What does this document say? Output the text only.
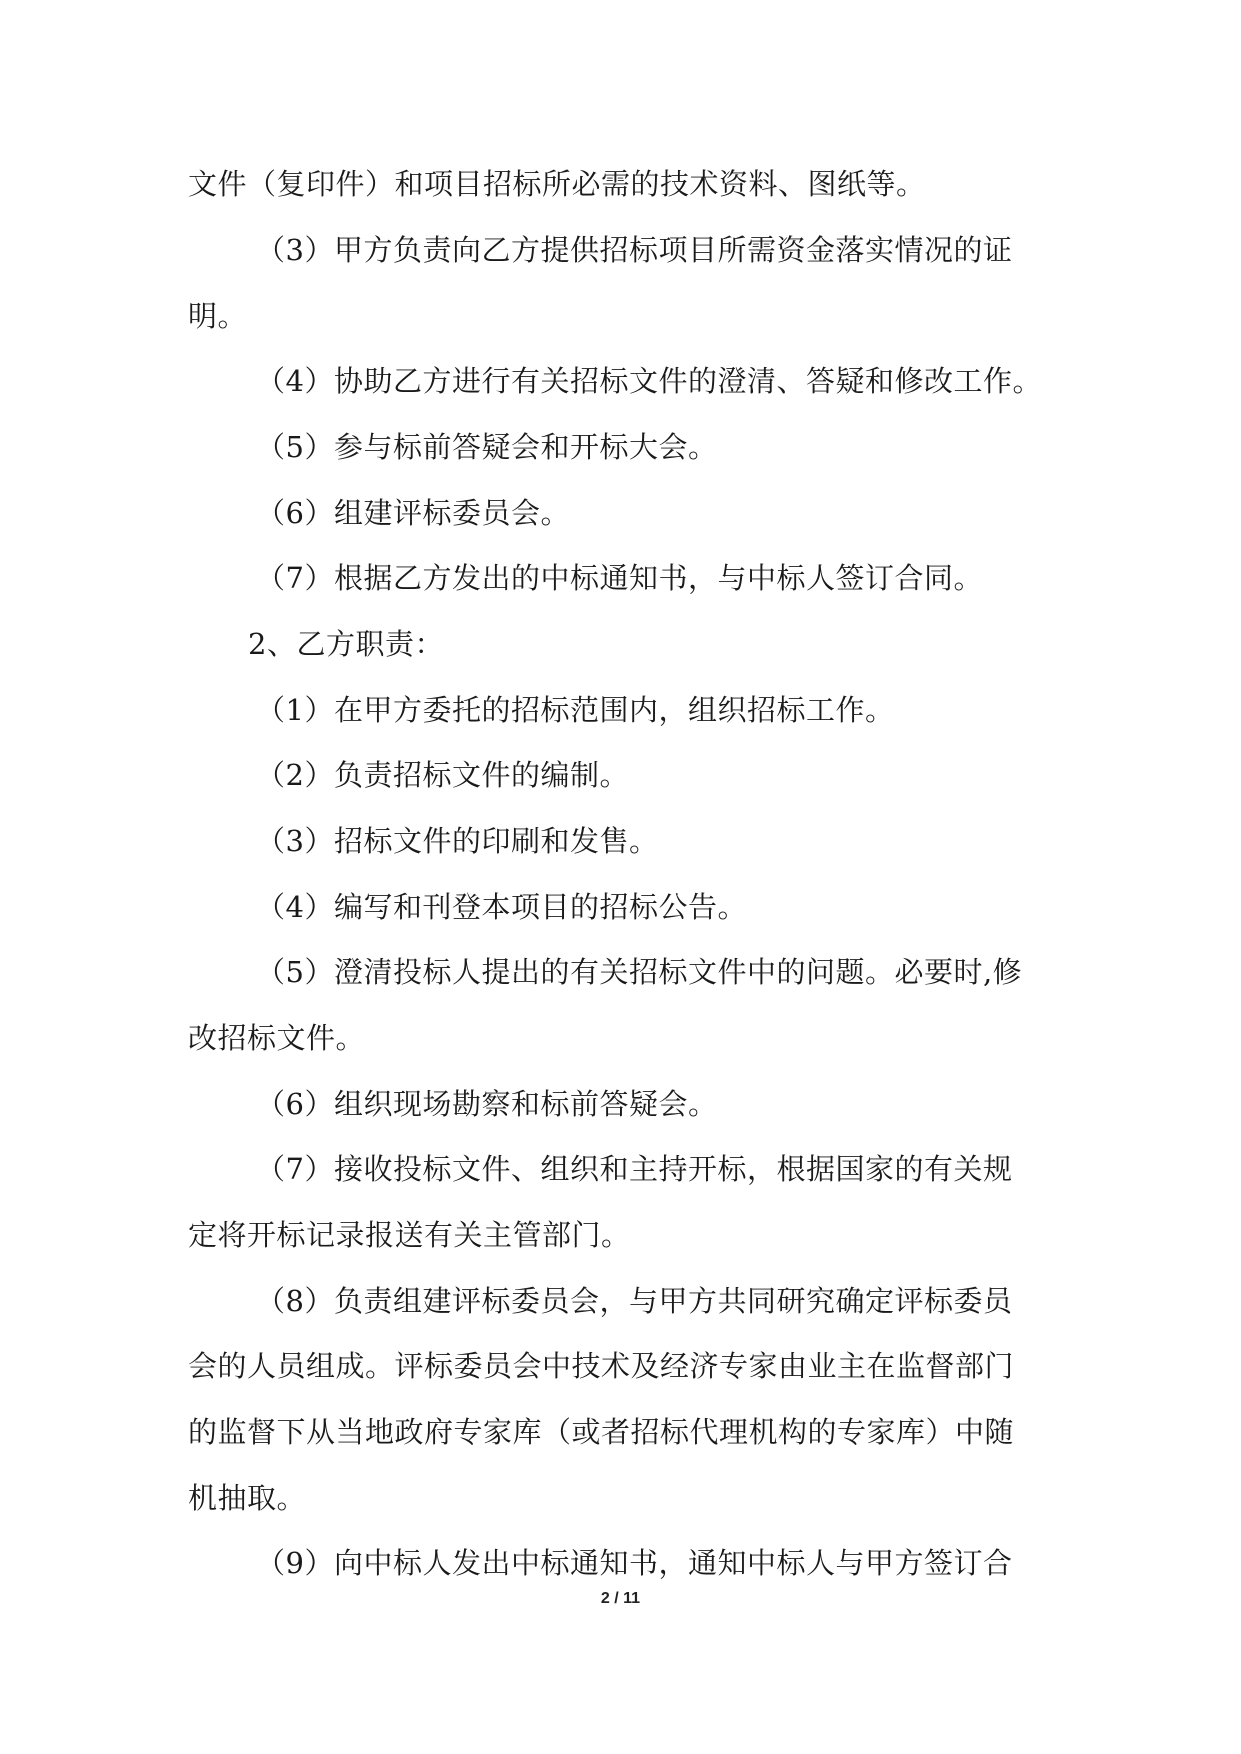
文件（复印件）和项目招标所必需的技术资料、图纸等。
（3）甲方负责向乙方提供招标项目所需资金落实情况的证
明。
（4）协助乙方进行有关招标文件的澄清、答疑和修改工作。
（5）参与标前答疑会和开标大会。
（6）组建评标委员会。
（7）根据乙方发出的中标通知书，与中标人签订合同。
2、乙方职责：
（1）在甲方委托的招标范围内，组织招标工作。
（2）负责招标文件的编制。
（3）招标文件的印刷和发售。
（4）编写和刊登本项目的招标公告。
（5）澄清投标人提出的有关招标文件中的问题。必要时,修
改招标文件。
（6）组织现场勘察和标前答疑会。
（7）接收投标文件、组织和主持开标，根据国家的有关规
定将开标记录报送有关主管部门。
（8）负责组建评标委员会，与甲方共同研究确定评标委员
会的人员组成。评标委员会中技术及经济专家由业主在监督部门
的监督下从当地政府专家库（或者招标代理机构的专家库）中随
机抽取。
（9）向中标人发出中标通知书，通知中标人与甲方签订合
2 / 11
